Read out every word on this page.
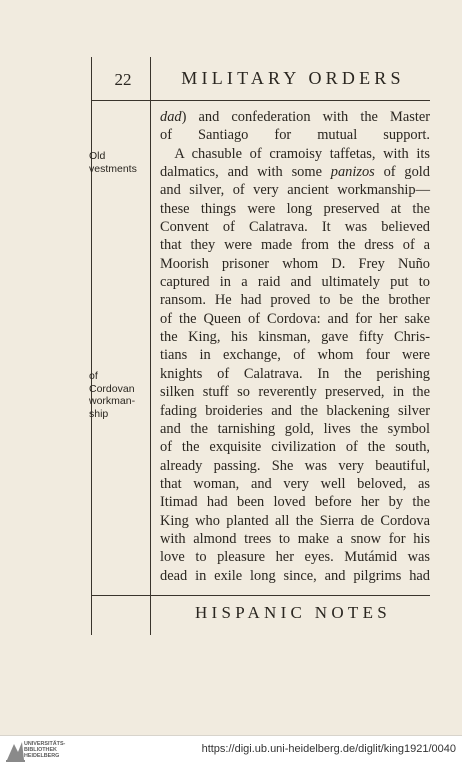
22	MILITARY ORDERS
Old
vestments
of
Cordovan
workman-
ship
dad) and confederation with the Master
of Santiago for mutual support.
 A chasuble of cramoisy taffetas, with its
dalmatics, and with some panizos of gold
and silver, of very ancient workmanship—
these things were long preserved at the
Convent of Calatrava. It was believed
that they were made from the dress of a
Moorish prisoner whom D. Frey Nuño
captured in a raid and ultimately put to
ransom. He had proved to be the brother
of the Queen of Cordova: and for her sake
the King, his kinsman, gave fifty Chris-
tians in exchange, of whom four were
knights of Calatrava. In the perishing
silken stuff so reverently preserved, in the
fading broideries and the blackening silver
and the tarnishing gold, lives the symbol
of the exquisite civilization of the south,
already passing. She was very beautiful,
that woman, and very well beloved, as
Itimad had been loved before her by the
King who planted all the Sierra de Cordova
with almond trees to make a snow for his
love to pleasure her eyes. Mutámid was
dead in exile long since, and pilgrims had
HISPANIC NOTES
UNIVERSITÄTS-
BIBLIOTHEK
HEIDELBERG
https://digi.ub.uni-heidelberg.de/diglit/king1921/0040
